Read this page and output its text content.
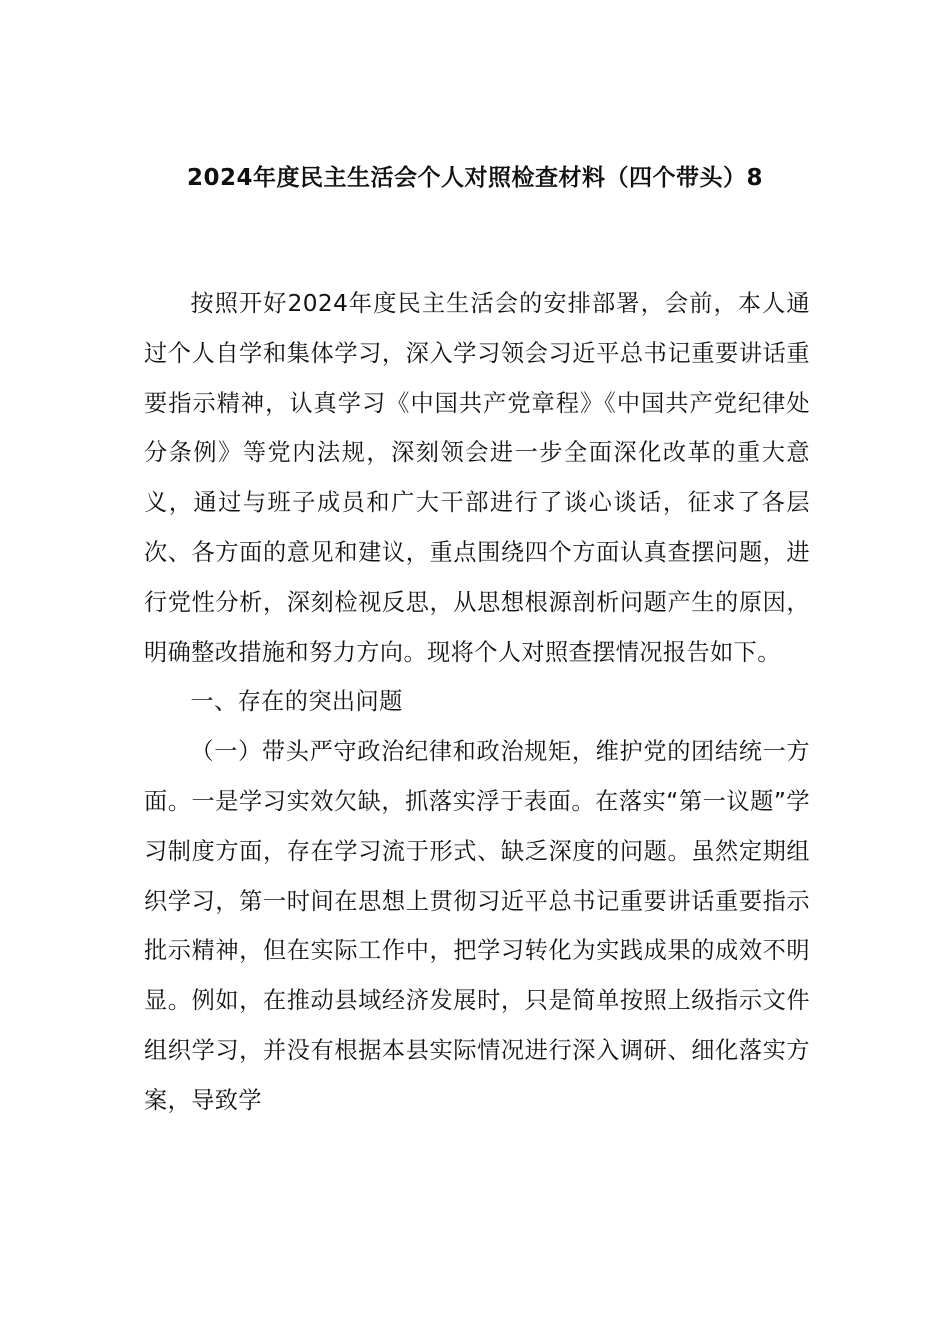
2024年度民主生活会个人对照检查材料（四个带头）8

按照开好2024年度民主生活会的安排部署，会前，本人通过个人自学和集体学习，深入学习领会习近平总书记重要讲话重要指示精神，认真学习《中国共产党章程》《中国共产党纪律处分条例》等党内法规，深刻领会进一步全面深化改革的重大意义，通过与班子成员和广大干部进行了谈心谈话，征求了各层次、各方面的意见和建议，重点围绕四个方面认真查摆问题，进行党性分析，深刻检视反思，从思想根源剖析问题产生的原因，明确整改措施和努力方向。现将个人对照查摆情况报告如下。

一、存在的突出问题

（一）带头严守政治纪律和政治规矩，维护党的团结统一方面。一是学习实效欠缺，抓落实浮于表面。在落实“第一议题”学习制度方面，存在学习流于形式、缺乏深度的问题。虽然定期组织学习，第一时间在思想上贯彻习近平总书记重要讲话重要指示批示精神，但在实际工作中，把学习转化为实践成果的成效不明显。例如，在推动县域经济发展时，只是简单按照上级指示文件组织学习，并没有根据本县实际情况进行深入调研、细化落实方案，导致学
